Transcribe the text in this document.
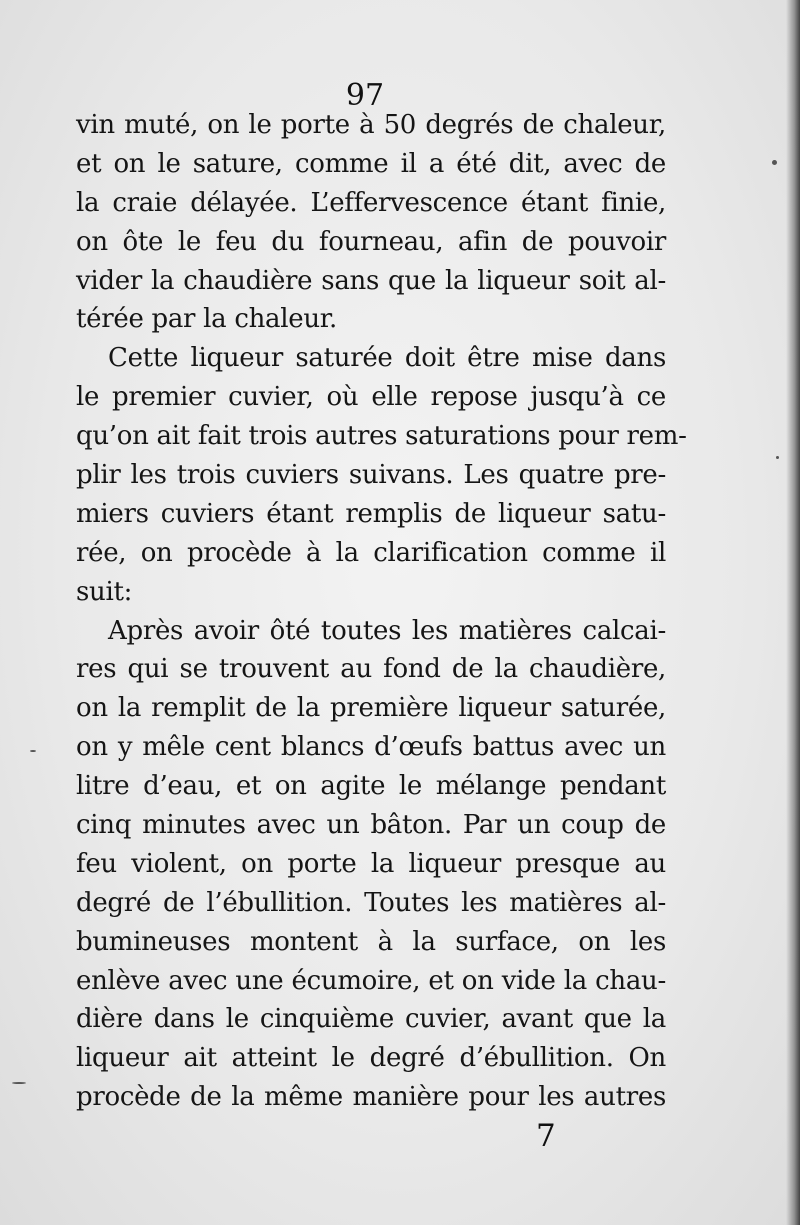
97
vin muté, on le porte à 50 degrés de chaleur,
et on le sature, comme il a été dit, avec de
la craie délayée. L’effervescence étant finie,
on ôte le feu du fourneau, afin de pouvoir
vider la chaudière sans que la liqueur soit al-
térée par la chaleur.
Cette liqueur saturée doit être mise dans
le premier cuvier, où elle repose jusqu’à ce
qu’on ait fait trois autres saturations pour rem-
plir les trois cuviers suivans. Les quatre pre-
miers cuviers étant remplis de liqueur satu-
rée, on procède à la clarification comme il
suit:
Après avoir ôté toutes les matières calcai-
res qui se trouvent au fond de la chaudière,
on la remplit de la première liqueur saturée,
on y mêle cent blancs d’œufs battus avec un
litre d’eau, et on agite le mélange pendant
cinq minutes avec un bâton. Par un coup de
feu violent, on porte la liqueur presque au
degré de l’ébullition. Toutes les matières al-
bumineuses montent à la surface, on les
enlève avec une écumoire, et on vide la chau-
dière dans le cinquième cuvier, avant que la
liqueur ait atteint le degré d’ébullition. On
procède de la même manière pour les autres
7
